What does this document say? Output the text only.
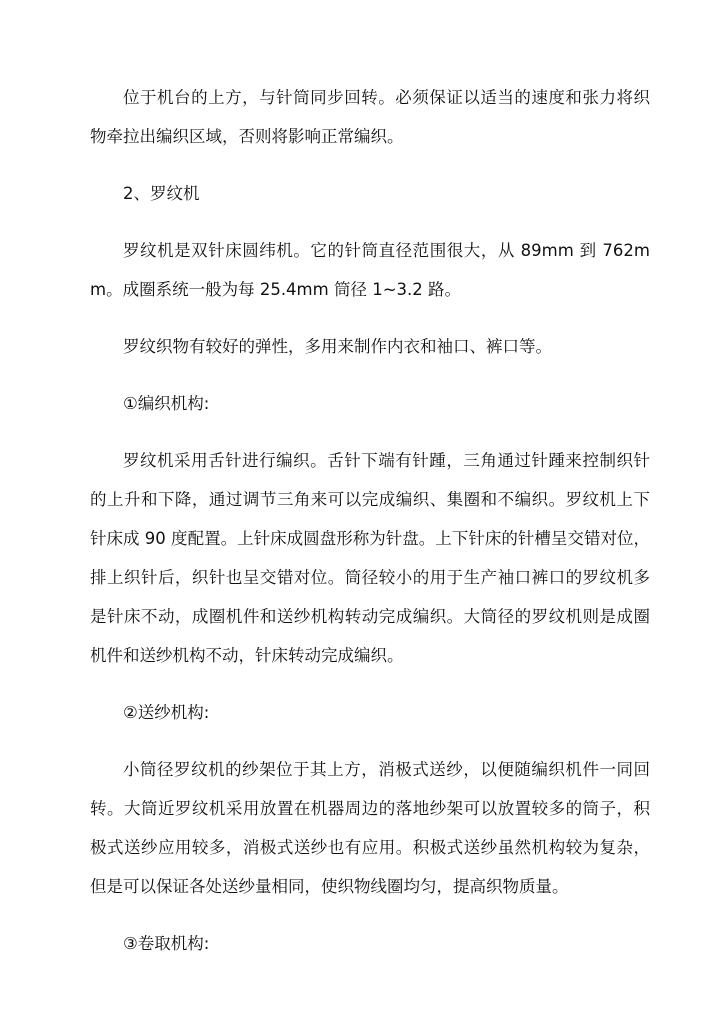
位于机台的上方，与针筒同步回转。必须保证以适当的速度和张力将织物牵拉出编织区域，否则将影响正常编织。

2、罗纹机

罗纹机是双针床圆纬机。它的针筒直径范围很大，从 89mm 到 762mm。成圈系统一般为每 25.4mm 筒径 1~3.2 路。

罗纹织物有较好的弹性，多用来制作内衣和袖口、裤口等。

①编织机构:

罗纹机采用舌针进行编织。舌针下端有针踵，三角通过针踵来控制织针的上升和下降，通过调节三角来可以完成编织、集圈和不编织。罗纹机上下针床成 90 度配置。上针床成圆盘形称为针盘。上下针床的针槽呈交错对位，排上织针后，织针也呈交错对位。筒径较小的用于生产袖口裤口的罗纹机多是针床不动，成圈机件和送纱机构转动完成编织。大筒径的罗纹机则是成圈机件和送纱机构不动，针床转动完成编织。

②送纱机构:

小筒径罗纹机的纱架位于其上方，消极式送纱，以便随编织机件一同回转。大筒近罗纹机采用放置在机器周边的落地纱架可以放置较多的筒子，积极式送纱应用较多，消极式送纱也有应用。积极式送纱虽然机构较为复杂，但是可以保证各处送纱量相同，使织物线圈均匀，提高织物质量。

③卷取机构:
